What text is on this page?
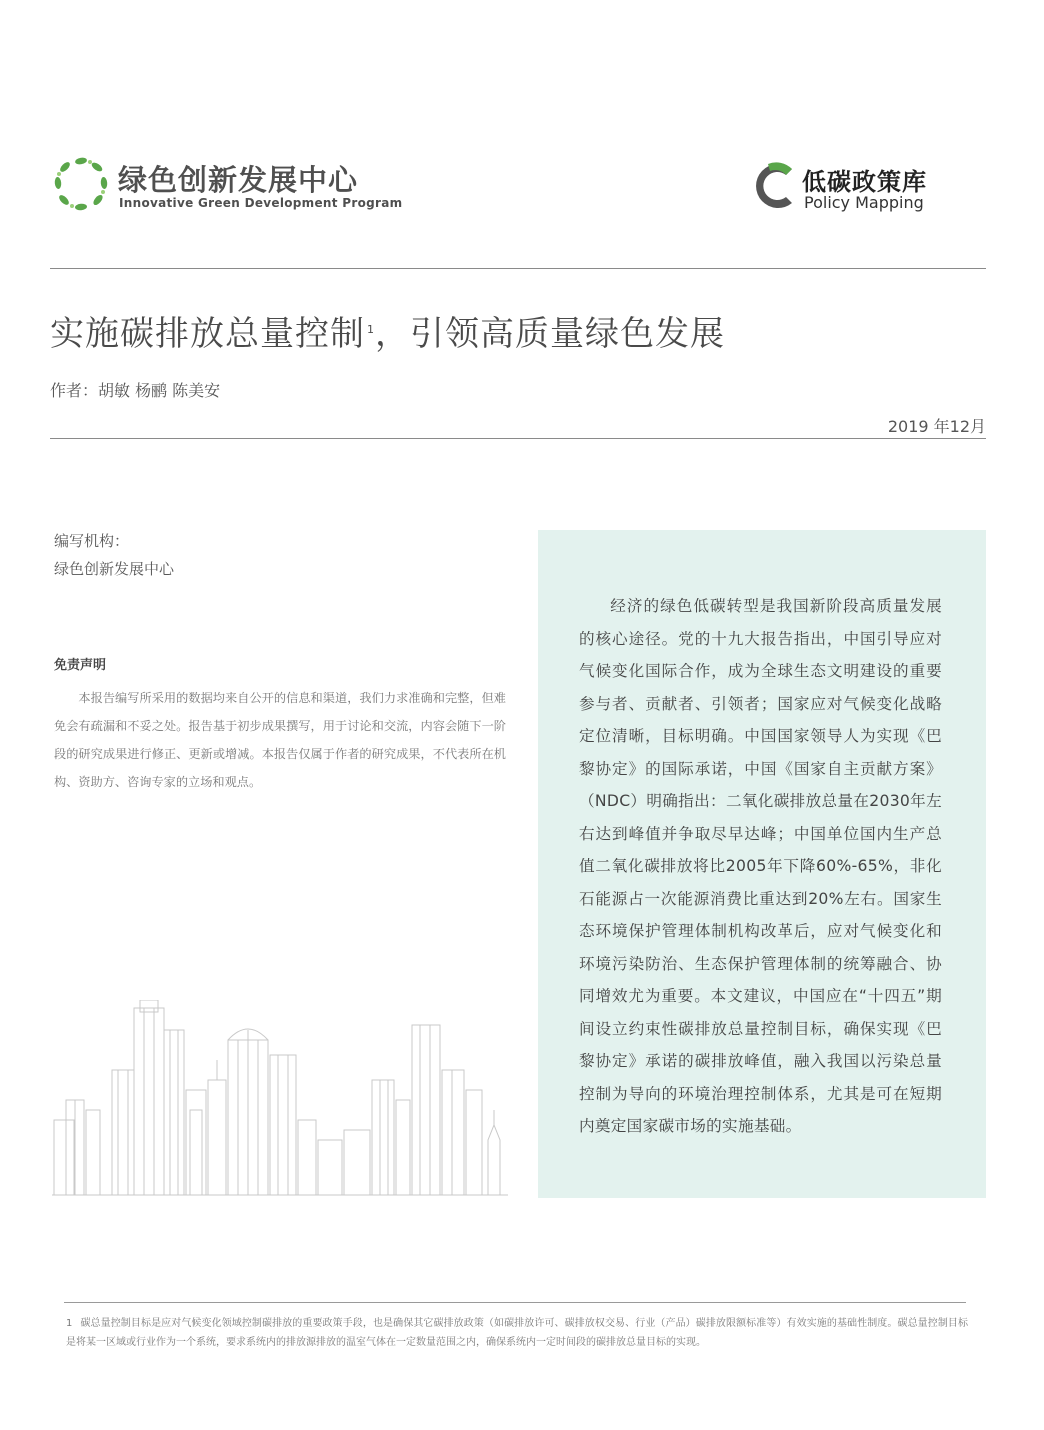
绿色创新发展中心
Innovative Green Development Program
低碳政策库
Policy Mapping
实施碳排放总量控制 $^1$，引领高质量绿色发展
作者：胡敏 杨鹂 陈美安
2019 年12月
编写机构：
绿色创新发展中心
免责声明
本报告编写所采用的数据均来自公开的信息和渠道，我们力求准确和完整，但难免会有疏漏和不妥之处。报告基于初步成果撰写，用于讨论和交流，内容会随下一阶段的研究成果进行修正、更新或增减。本报告仅属于作者的研究成果，不代表所在机构、资助方、咨询专家的立场和观点。
经济的绿色低碳转型是我国新阶段高质量发展的核心途径。党的十九大报告指出，中国引导应对气候变化国际合作，成为全球生态文明建设的重要参与者、贡献者、引领者；国家应对气候变化战略定位清晰，目标明确。中国国家领导人为实现《巴黎协定》的国际承诺，中国《国家自主贡献方案》（NDC）明确指出：二氧化碳排放总量在2030年左右达到峰值并争取尽早达峰；中国单位国内生产总值二氧化碳排放将比2005年下降60%-65%，非化石能源占一次能源消费比重达到20%左右。国家生态环境保护管理体制机构改革后，应对气候变化和环境污染防治、生态保护管理体制的统筹融合、协同增效尤为重要。本文建议，中国应在“十四五”期间设立约束性碳排放总量控制目标，确保实现《巴黎协定》承诺的碳排放峰值，融入我国以污染总量控制为导向的环境治理控制体系，尤其是可在短期内奠定国家碳市场的实施基础。
1 碳总量控制目标是应对气候变化领域控制碳排放的重要政策手段，也是确保其它碳排放政策（如碳排放许可、碳排放权交易、行业（产品）碳排放限额标准等）有效实施的基础性制度。碳总量控制目标是将某一区域或行业作为一个系统，要求系统内的排放源排放的温室气体在一定数量范围之内，确保系统内一定时间段的碳排放总量目标的实现。
